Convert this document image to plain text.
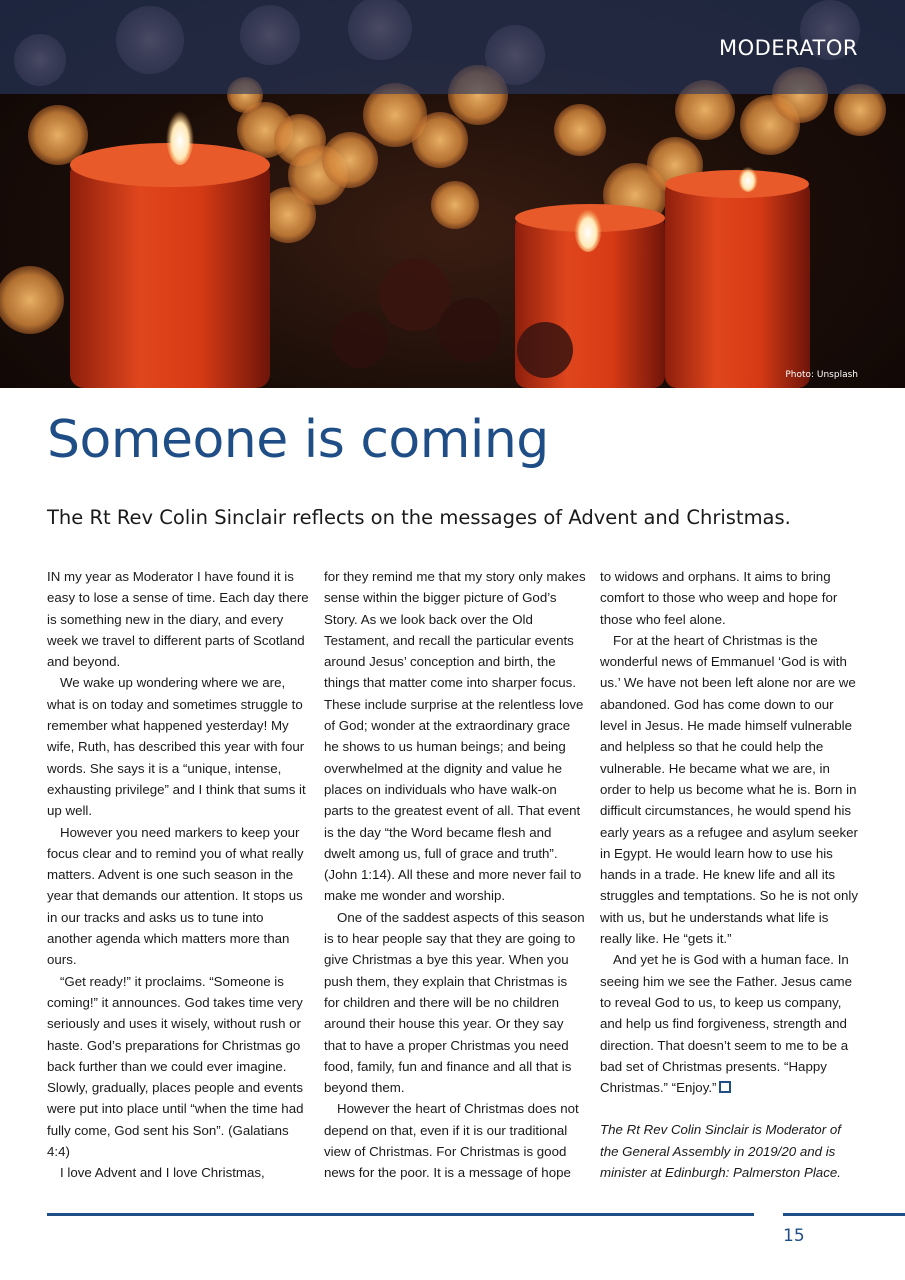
MODERATOR
Photo: Unsplash
Someone is coming
The Rt Rev Colin Sinclair reflects on the messages of Advent and Christmas.

IN my year as Moderator I have found it is easy to lose a sense of time. Each day there is something new in the diary, and every week we travel to different parts of Scotland and beyond.

We wake up wondering where we are, what is on today and sometimes struggle to remember what happened yesterday! My wife, Ruth, has described this year with four words. She says it is a “unique, intense, exhausting privilege” and I think that sums it up well.

However you need markers to keep your focus clear and to remind you of what really matters. Advent is one such season in the year that demands our attention. It stops us in our tracks and asks us to tune into another agenda which matters more than ours.

“Get ready!” it proclaims. “Someone is coming!” it announces. God takes time very seriously and uses it wisely, without rush or haste. God’s preparations for Christmas go back further than we could ever imagine. Slowly, gradually, places people and events were put into place until “when the time had fully come, God sent his Son”. (Galatians 4:4)

I love Advent and I love Christmas,

for they remind me that my story only makes sense within the bigger picture of God’s Story. As we look back over the Old Testament, and recall the particular events around Jesus’ conception and birth, the things that matter come into sharper focus. These include surprise at the relentless love of God; wonder at the extraordinary grace he shows to us human beings; and being overwhelmed at the dignity and value he places on individuals who have walk-on parts to the greatest event of all. That event is the day “the Word became flesh and dwelt among us, full of grace and truth”. (John 1:14). All these and more never fail to make me wonder and worship.

One of the saddest aspects of this season is to hear people say that they are going to give Christmas a bye this year. When you push them, they explain that Christmas is for children and there will be no children around their house this year. Or they say that to have a proper Christmas you need food, family, fun and finance and all that is beyond them.

However the heart of Christmas does not depend on that, even if it is our traditional view of Christmas. For Christmas is good news for the poor. It is a message of hope

to widows and orphans. It aims to bring comfort to those who weep and hope for those who feel alone.

For at the heart of Christmas is the wonderful news of Emmanuel ‘God is with us.’ We have not been left alone nor are we abandoned. God has come down to our level in Jesus. He made himself vulnerable and helpless so that he could help the vulnerable. He became what we are, in order to help us become what he is. Born in difficult circumstances, he would spend his early years as a refugee and asylum seeker in Egypt. He would learn how to use his hands in a trade. He knew life and all its struggles and temptations. So he is not only with us, but he understands what life is really like. He “gets it.”

And yet he is God with a human face. In seeing him we see the Father. Jesus came to reveal God to us, to keep us company, and help us find forgiveness, strength and direction. That doesn’t seem to me to be a bad set of Christmas presents. “Happy Christmas.” “Enjoy.”

The Rt Rev Colin Sinclair is Moderator of the General Assembly in 2019/20 and is minister at Edinburgh: Palmerston Place.

15
